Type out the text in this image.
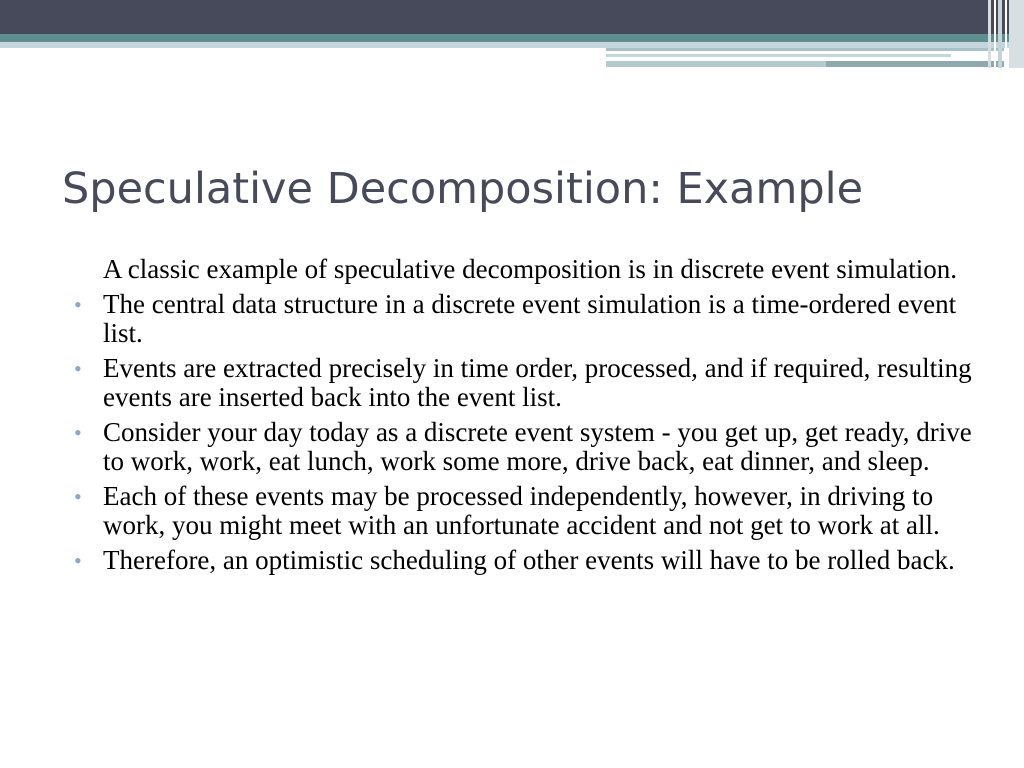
Speculative Decomposition: Example
A classic example of speculative decomposition is in discrete event simulation.
• The central data structure in a discrete event simulation is a time-ordered event list.
• Events are extracted precisely in time order, processed, and if required, resulting events are inserted back into the event list.
• Consider your day today as a discrete event system - you get up, get ready, drive to work, work, eat lunch, work some more, drive back, eat dinner, and sleep.
• Each of these events may be processed independently, however, in driving to work, you might meet with an unfortunate accident and not get to work at all.
• Therefore, an optimistic scheduling of other events will have to be rolled back.
